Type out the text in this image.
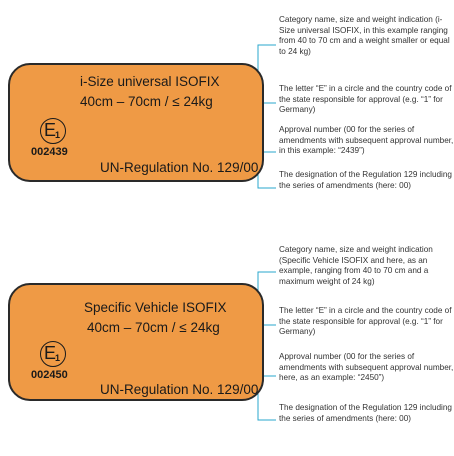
i-Size universal ISOFIX
40cm – 70cm / ≤ 24kg
E
1
002439
UN-Regulation No. 129/00
Specific Vehicle ISOFIX
40cm – 70cm / ≤ 24kg
E
1
002450
UN-Regulation No. 129/00
Category name, size and weight indication (i-Size universal ISOFIX, in this example ranging from 40 to 70 cm and a weight smaller or equal to 24 kg)
The letter “E” in a circle and the country code of the state responsible for approval (e.g. “1” for Germany)
Approval number (00 for the series of amendments with subsequent approval number, in this example: “2439”)
The designation of the Regulation 129 including the series of amendments (here: 00)
Category name, size and weight indication (Specific Vehicle ISOFIX and here, as an example, ranging from 40 to 70 cm and a maximum weight of 24 kg)
The letter “E” in a circle and the country code of the state responsible for approval (e.g. “1” for Germany)
Approval number (00 for the series of amendments with subsequent approval number, here, as an example: “2450”)
The designation of the Regulation 129 including the series of amendments (here: 00)
